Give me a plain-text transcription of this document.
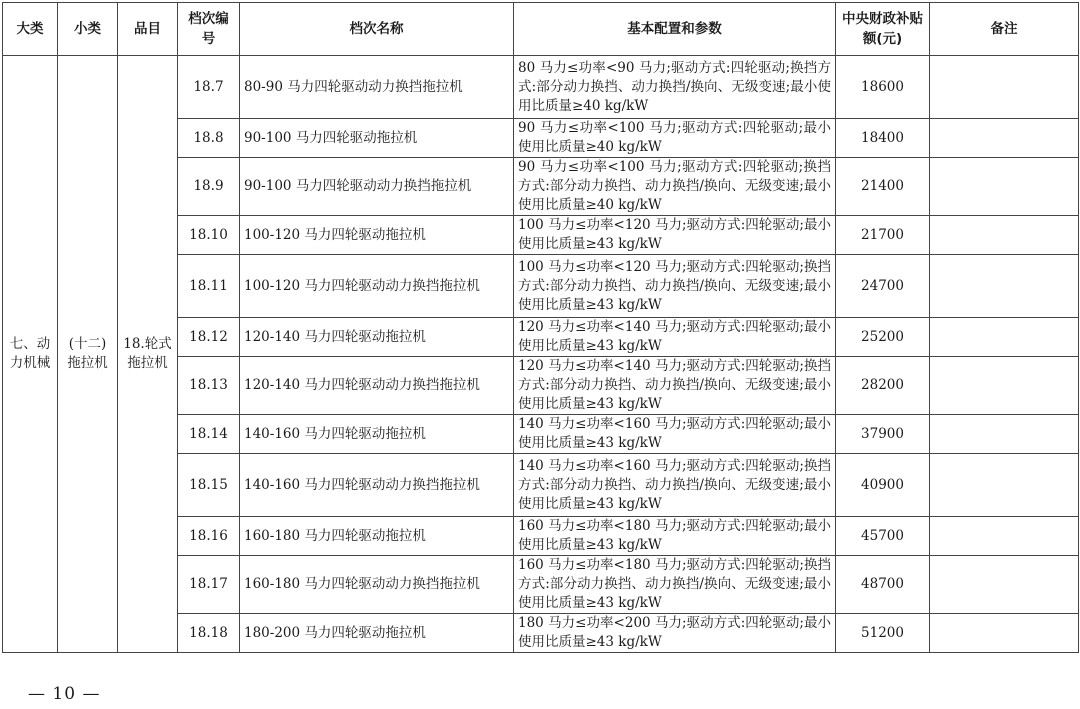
大类	小类	品目	档次编号	档次名称	基本配置和参数	中央财政补贴额(元)	备注
七、动力机械	(十二)拖拉机	18.轮式拖拉机	18.7	80-90 马力四轮驱动动力换挡拖拉机	80 马力≤功率<90 马力;驱动方式:四轮驱动;换挡方式:部分动力换挡、动力换挡/换向、无级变速;最小使用比质量≥40 kg/kW	18600	
			18.8	90-100 马力四轮驱动拖拉机	90 马力≤功率<100 马力;驱动方式:四轮驱动;最小使用比质量≥40 kg/kW	18400	
			18.9	90-100 马力四轮驱动动力换挡拖拉机	90 马力≤功率<100 马力;驱动方式:四轮驱动;换挡方式:部分动力换挡、动力换挡/换向、无级变速;最小使用比质量≥40 kg/kW	21400	
			18.10	100-120 马力四轮驱动拖拉机	100 马力≤功率<120 马力;驱动方式:四轮驱动;最小使用比质量≥43 kg/kW	21700	
			18.11	100-120 马力四轮驱动动力换挡拖拉机	100 马力≤功率<120 马力;驱动方式:四轮驱动;换挡方式:部分动力换挡、动力换挡/换向、无级变速;最小使用比质量≥43 kg/kW	24700	
			18.12	120-140 马力四轮驱动拖拉机	120 马力≤功率<140 马力;驱动方式:四轮驱动;最小使用比质量≥43 kg/kW	25200	
			18.13	120-140 马力四轮驱动动力换挡拖拉机	120 马力≤功率<140 马力;驱动方式:四轮驱动;换挡方式:部分动力换挡、动力换挡/换向、无级变速;最小使用比质量≥43 kg/kW	28200	
			18.14	140-160 马力四轮驱动拖拉机	140 马力≤功率<160 马力;驱动方式:四轮驱动;最小使用比质量≥43 kg/kW	37900	
			18.15	140-160 马力四轮驱动动力换挡拖拉机	140 马力≤功率<160 马力;驱动方式:四轮驱动;换挡方式:部分动力换挡、动力换挡/换向、无级变速;最小使用比质量≥43 kg/kW	40900	
			18.16	160-180 马力四轮驱动拖拉机	160 马力≤功率<180 马力;驱动方式:四轮驱动;最小使用比质量≥43 kg/kW	45700	
			18.17	160-180 马力四轮驱动动力换挡拖拉机	160 马力≤功率<180 马力;驱动方式:四轮驱动;换挡方式:部分动力换挡、动力换挡/换向、无级变速;最小使用比质量≥43 kg/kW	48700	
			18.18	180-200 马力四轮驱动拖拉机	180 马力≤功率<200 马力;驱动方式:四轮驱动;最小使用比质量≥43 kg/kW	51200	
— 10 —
